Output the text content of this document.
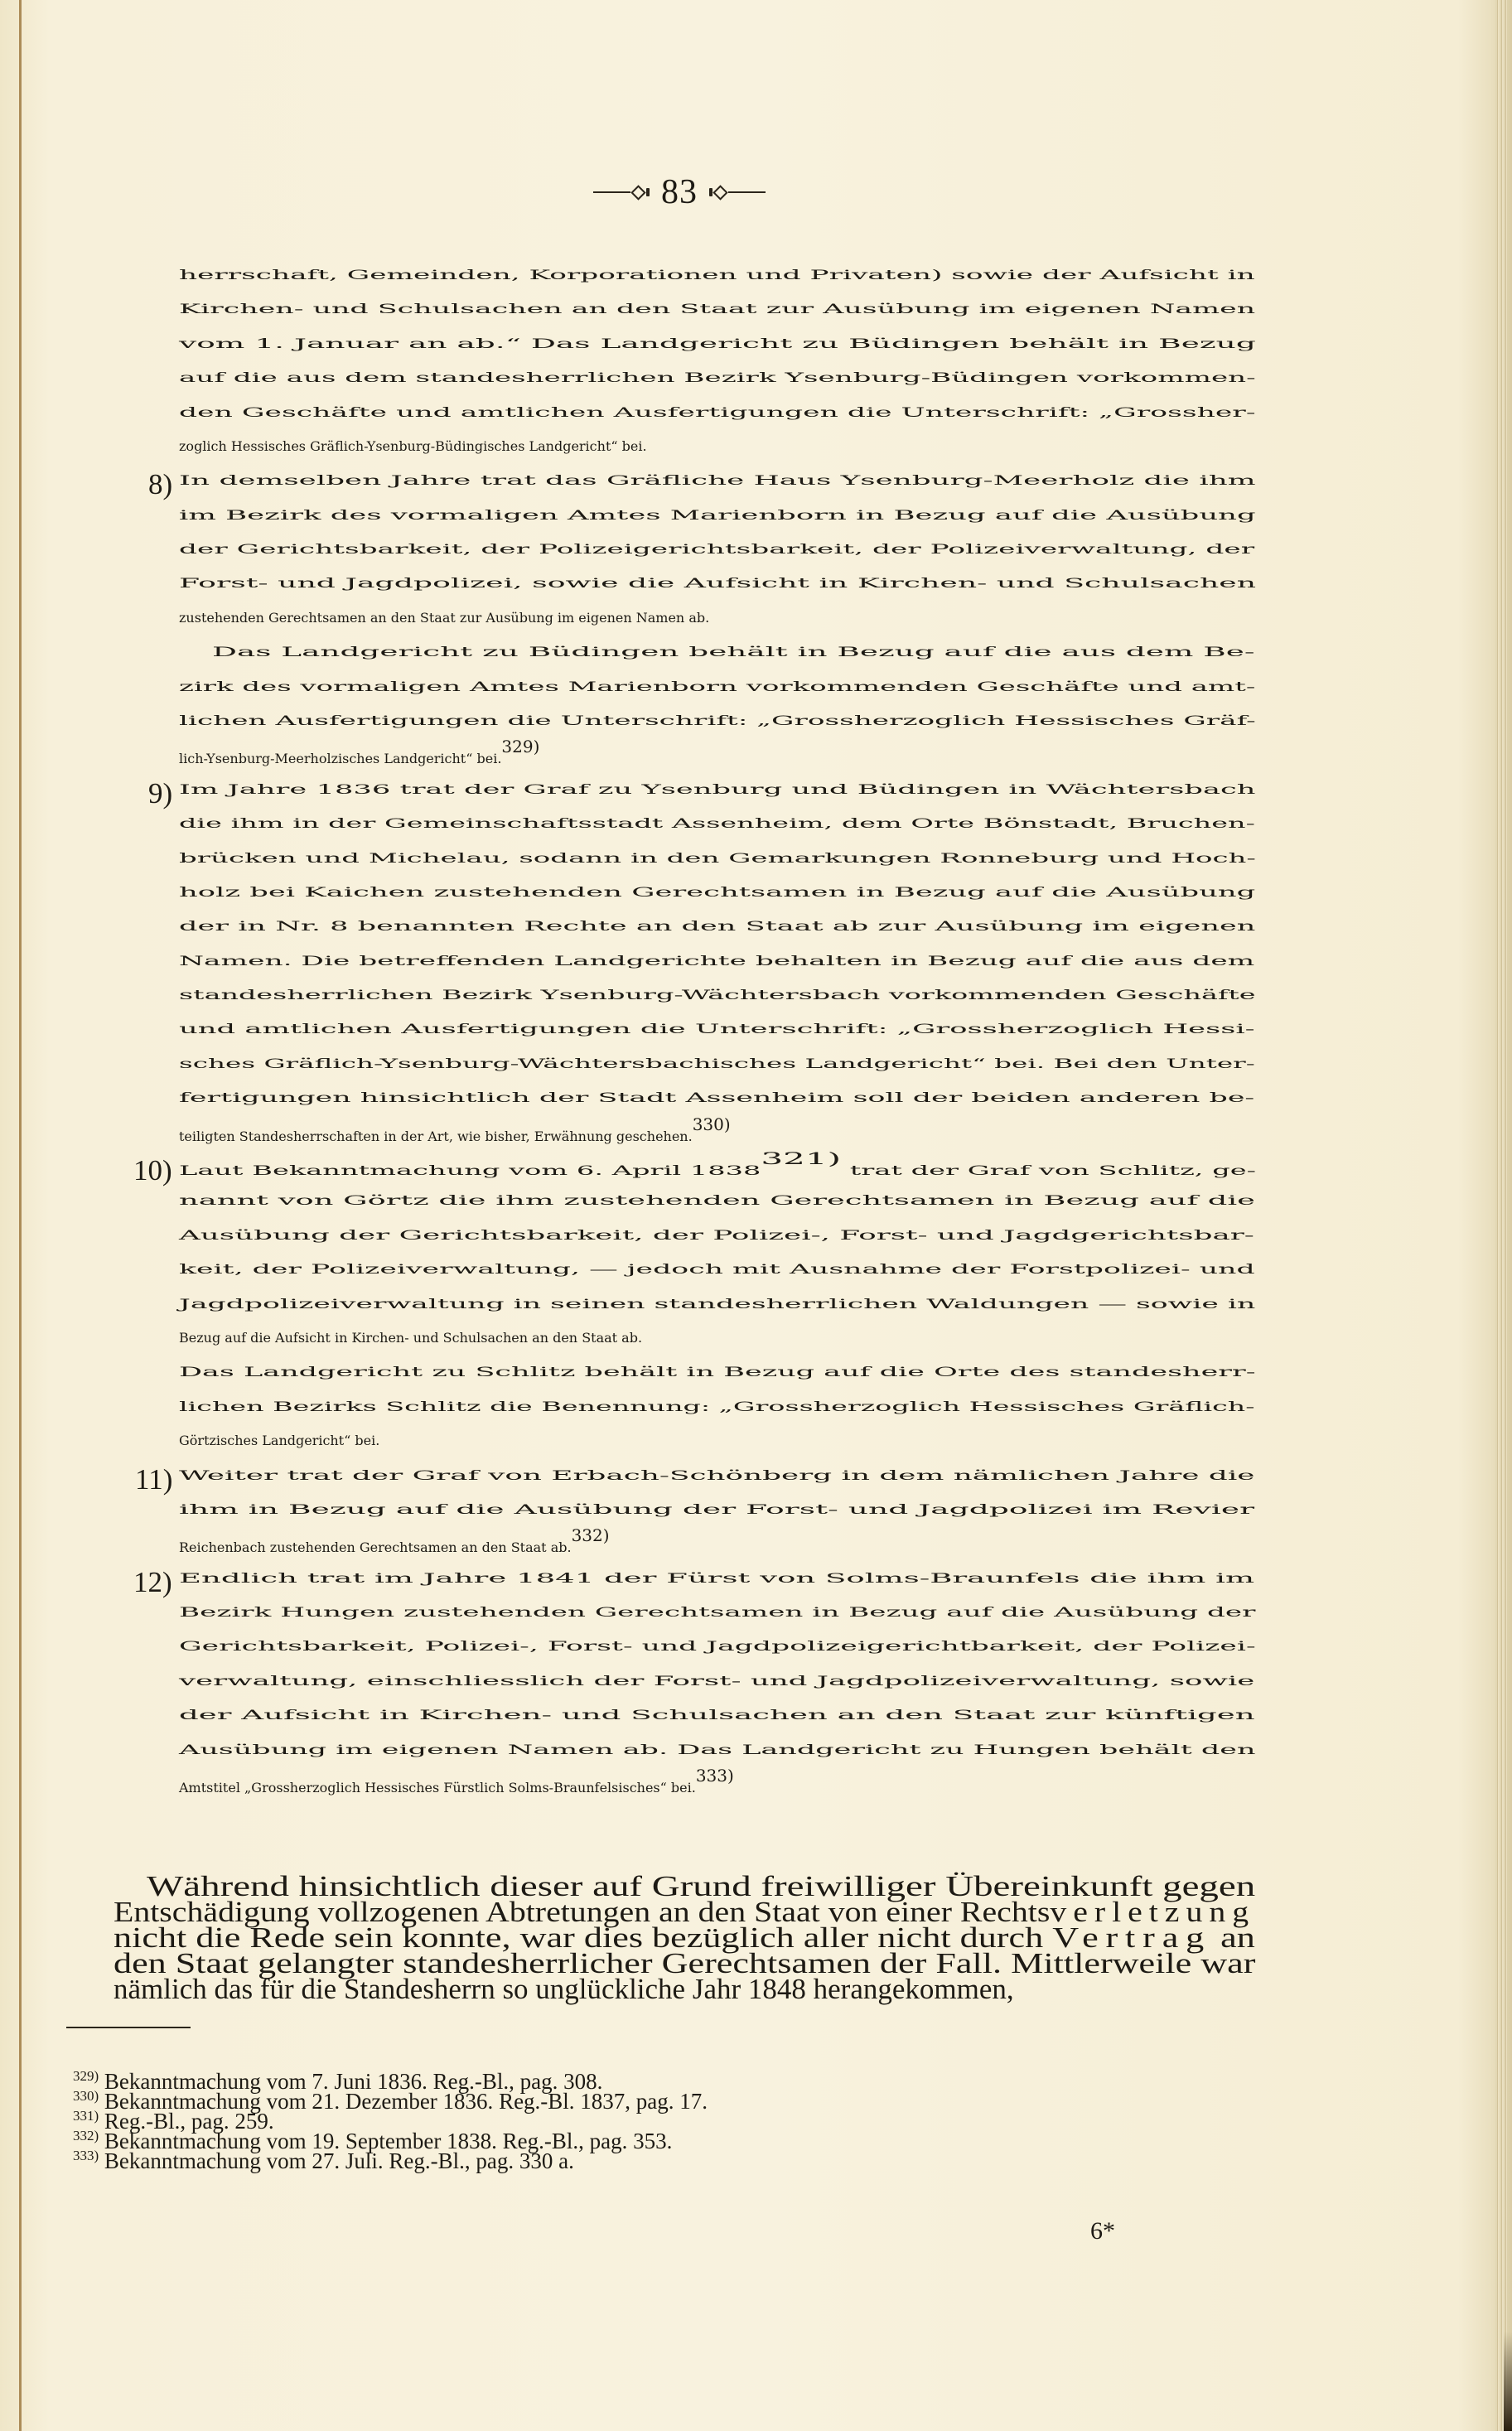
83
6*
herrschaft, Gemeinden, Korporationen und Privaten) sowie der Aufsicht in
Kirchen- und Schulsachen an den Staat zur Ausübung im eigenen Namen
vom 1. Januar an ab.“ Das Landgericht zu Büdingen behält in Bezug
auf die aus dem standesherrlichen Bezirk Ysenburg-Büdingen vorkommen-
den Geschäfte und amtlichen Ausfertigungen die Unterschrift: „Grossher-
zoglich Hessisches Gräflich-Ysenburg-Büdingisches Landgericht“ bei.
In demselben Jahre trat das Gräfliche Haus Ysenburg-Meerholz die ihm
8)
im Bezirk des vormaligen Amtes Marienborn in Bezug auf die Ausübung
der Gerichtsbarkeit, der Polizeigerichtsbarkeit, der Polizeiverwaltung, der
Forst- und Jagdpolizei, sowie die Aufsicht in Kirchen- und Schulsachen
zustehenden Gerechtsamen an den Staat zur Ausübung im eigenen Namen ab.
Das Landgericht zu Büdingen behält in Bezug auf die aus dem Be-
zirk des vormaligen Amtes Marienborn vorkommenden Geschäfte und amt-
lichen Ausfertigungen die Unterschrift: „Grossherzoglich Hessisches Gräf-
lich-Ysenburg-Meerholzisches Landgericht“ bei.$^{329)}$
Im Jahre 1836 trat der Graf zu Ysenburg und Büdingen in Wächtersbach
9)
die ihm in der Gemeinschaftsstadt Assenheim, dem Orte Bönstadt, Bruchen-
brücken und Michelau, sodann in den Gemarkungen Ronneburg und Hoch-
holz bei Kaichen zustehenden Gerechtsamen in Bezug auf die Ausübung
der in Nr. 8 benannten Rechte an den Staat ab zur Ausübung im eigenen
Namen. Die betreffenden Landgerichte behalten in Bezug auf die aus dem
standesherrlichen Bezirk Ysenburg-Wächtersbach vorkommenden Geschäfte
und amtlichen Ausfertigungen die Unterschrift: „Grossherzoglich Hessi-
sches Gräflich-Ysenburg-Wächtersbachisches Landgericht“ bei. Bei den Unter-
fertigungen hinsichtlich der Stadt Assenheim soll der beiden anderen be-
teiligten Standesherrschaften in der Art, wie bisher, Erwähnung geschehen.$^{330)}$
Laut Bekanntmachung vom 6. April 1838$^{321)}$ trat der Graf von Schlitz, ge-
10)
nannt von Görtz die ihm zustehenden Gerechtsamen in Bezug auf die
Ausübung der Gerichtsbarkeit, der Polizei-, Forst- und Jagdgerichtsbar-
keit, der Polizeiverwaltung, — jedoch mit Ausnahme der Forstpolizei- und
Jagdpolizeiverwaltung in seinen standesherrlichen Waldungen — sowie in
Bezug auf die Aufsicht in Kirchen- und Schulsachen an den Staat ab.
Das Landgericht zu Schlitz behält in Bezug auf die Orte des standesherr-
lichen Bezirks Schlitz die Benennung: „Grossherzoglich Hessisches Gräflich-
Görtzisches Landgericht“ bei.
Weiter trat der Graf von Erbach-Schönberg in dem nämlichen Jahre die
11)
ihm in Bezug auf die Ausübung der Forst- und Jagdpolizei im Revier
Reichenbach zustehenden Gerechtsamen an den Staat ab.$^{332)}$
Endlich trat im Jahre 1841 der Fürst von Solms-Braunfels die ihm im
12)
Bezirk Hungen zustehenden Gerechtsamen in Bezug auf die Ausübung der
Gerichtsbarkeit, Polizei-, Forst- und Jagdpolizeigerichtbarkeit, der Polizei-
verwaltung, einschliesslich der Forst- und Jagdpolizeiverwaltung, sowie
der Aufsicht in Kirchen- und Schulsachen an den Staat zur künftigen
Ausübung im eigenen Namen ab. Das Landgericht zu Hungen behält den
Amtstitel „Grossherzoglich Hessisches Fürstlich Solms-Braunfelsisches“ bei.$^{333)}$
Während hinsichtlich dieser auf Grund freiwilliger Übereinkunft gegen
Entschädigung vollzogenen Abtretungen an den Staat von einer Rechtsverletzung
nicht die Rede sein konnte, war dies bezüglich aller nicht durch Vertrag an
den Staat gelangter standesherrlicher Gerechtsamen der Fall. Mittlerweile war
nämlich das für die Standesherrn so unglückliche Jahr 1848 herangekommen,
$^{329)}$ Bekanntmachung vom 7. Juni 1836. Reg.-Bl., pag. 308.
$^{330)}$ Bekanntmachung vom 21. Dezember 1836. Reg.-Bl. 1837, pag. 17.
$^{331)}$ Reg.-Bl., pag. 259.
$^{332)}$ Bekanntmachung vom 19. September 1838. Reg.-Bl., pag. 353.
$^{333)}$ Bekanntmachung vom 27. Juli. Reg.-Bl., pag. 330 a.
